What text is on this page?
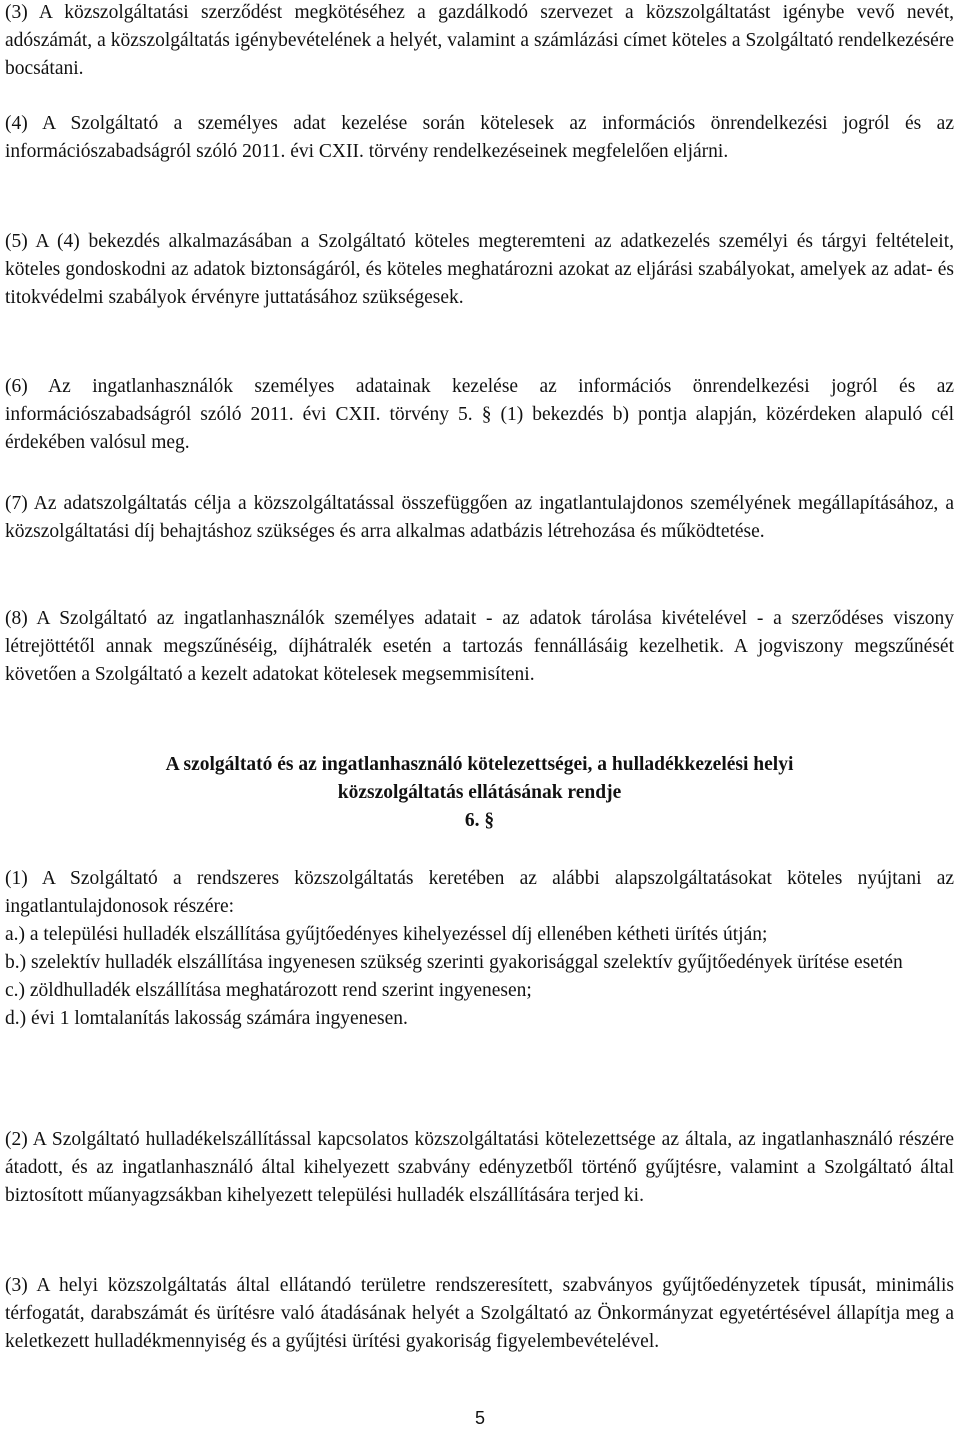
(3) A közszolgáltatási szerződést megkötéséhez a gazdálkodó szervezet a közszolgáltatást igénybe vevő nevét, adószámát, a közszolgáltatás igénybevételének a helyét, valamint a számlázási címet köteles a Szolgáltató rendelkezésére bocsátani.

(4) A Szolgáltató a személyes adat kezelése során kötelesek az információs önrendelkezési jogról és az információszabadságról szóló 2011. évi CXII. törvény rendelkezéseinek megfelelően eljárni.

(5) A (4) bekezdés alkalmazásában a Szolgáltató köteles megteremteni az adatkezelés személyi és tárgyi feltételeit, köteles gondoskodni az adatok biztonságáról, és köteles meghatározni azokat az eljárási szabályokat, amelyek az adat- és titokvédelmi szabályok érvényre juttatásához szükségesek.

(6) Az ingatlanhasználók személyes adatainak kezelése az információs önrendelkezési jogról és az információszabadságról szóló 2011. évi CXII. törvény 5. § (1) bekezdés b) pontja alapján, közérdeken alapuló cél érdekében valósul meg.

(7) Az adatszolgáltatás célja a közszolgáltatással összefüggően az ingatlantulajdonos személyének megállapításához, a közszolgáltatási díj behajtáshoz szükséges és arra alkalmas adatbázis létrehozása és működtetése.

(8) A Szolgáltató az ingatlanhasználók személyes adatait - az adatok tárolása kivételével - a szerződéses viszony létrejöttétől annak megszűnéséig, díjhátralék esetén a tartozás fennállásáig kezelhetik. A jogviszony megszűnését követően a Szolgáltató a kezelt adatokat kötelesek megsemmisíteni.

A szolgáltató és az ingatlanhasználó kötelezettségei, a hulladékkezelési helyi
közszolgáltatás ellátásának rendje
6. §

(1) A Szolgáltató a rendszeres közszolgáltatás keretében az alábbi alapszolgáltatásokat köteles nyújtani az ingatlantulajdonosok részére:

a.) a települési hulladék elszállítása gyűjtőedényes kihelyezéssel díj ellenében kétheti ürítés útján;

b.) szelektív hulladék elszállítása ingyenesen szükség szerinti gyakorisággal szelektív gyűjtőedények ürítése esetén

c.) zöldhulladék elszállítása meghatározott rend szerint ingyenesen;

d.) évi 1 lomtalanítás lakosság számára ingyenesen.

(2) A Szolgáltató hulladékelszállítással kapcsolatos közszolgáltatási kötelezettsége az általa, az ingatlanhasználó részére átadott, és az ingatlanhasználó által kihelyezett szabvány edényzetből történő gyűjtésre, valamint a Szolgáltató által biztosított műanyagzsákban kihelyezett települési hulladék elszállítására terjed ki.

(3) A helyi közszolgáltatás által ellátandó területre rendszeresített, szabványos gyűjtőedényzetek típusát, minimális térfogatát, darabszámát és ürítésre való átadásának helyét a Szolgáltató az Önkormányzat egyetértésével állapítja meg a keletkezett hulladékmennyiség és a gyűjtési ürítési gyakoriság figyelembevételével.

5
